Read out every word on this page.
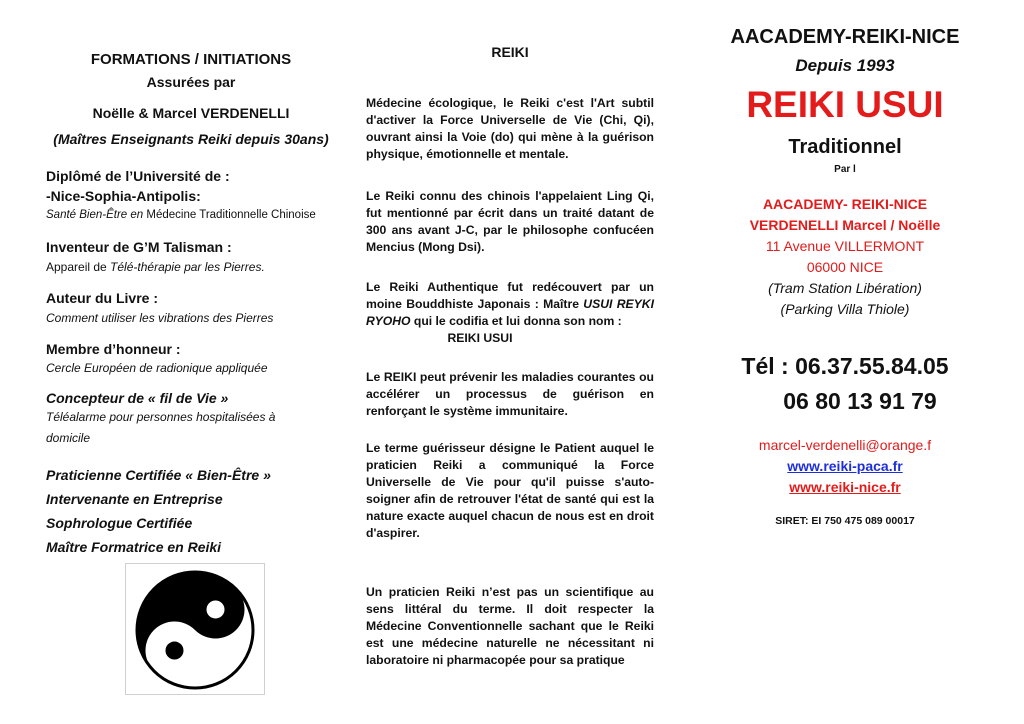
FORMATIONS / INITIATIONS
Assurées par
Noëlle & Marcel VERDENELLI
(Maîtres Enseignants Reiki depuis 30ans)
Diplômé de l’Université de :
-Nice-Sophia-Antipolis:
Santé Bien-Être en Médecine Traditionnelle Chinoise
Inventeur de G’M Talisman :
Appareil de Télé-thérapie par les Pierres.
Auteur du Livre :
Comment utiliser les vibrations des Pierres
Membre d’honneur :
Cercle Européen de radionique appliquée
Concepteur de « fil de Vie »
Téléalarme pour personnes hospitalisées à
domicile
Praticienne Certifiée « Bien-Être »
Intervenante en Entreprise
Sophrologue Certifiée
Maître Formatrice en Reiki
REIKI
Médecine écologique, le Reiki c'est l'Art subtil d'activer la Force Universelle de Vie (Chi, Qi), ouvrant ainsi la Voie (do) qui mène à la guérison physique, émotionnelle et mentale.
Le Reiki connu des chinois l'appelaient Ling Qi, fut mentionné par écrit dans un traité datant de 300 ans avant J-C, par le philosophe confucéen Mencius (Mong Dsi).
Le Reiki Authentique fut redécouvert par un moine Bouddhiste Japonais : Maître USUI REYKI RYOHO qui le codifia et lui donna son nom :

REIKI USUI
Le REIKI peut prévenir les maladies courantes ou accélérer un processus de guérison en renforçant le système immunitaire.
Le terme guérisseur désigne le Patient auquel le praticien Reiki a communiqué la Force Universelle de Vie pour qu'il puisse s'auto-soigner afin de retrouver l'état de santé qui est la nature exacte auquel chacun de nous est en droit d'aspirer.
Un praticien Reiki n’est pas un scientifique au sens littéral du terme. Il doit respecter la Médecine Conventionnelle sachant que le Reiki est une médecine naturelle ne nécessitant ni laboratoire ni pharmacopée pour sa pratique
AACADEMY-REIKI-NICE
Depuis 1993
REIKI USUI
Traditionnel
Par l
AACADEMY- REIKI-NICE
VERDENELLI Marcel / Noëlle
11 Avenue VILLERMONT
06000 NICE
(Tram Station Libération)
(Parking Villa Thiole)
Tél : 06.37.55.84.05
06 80 13 91 79
marcel-verdenelli@orange.f
www.reiki-paca.fr
www.reiki-nice.fr
SIRET: EI 750 475 089 00017
